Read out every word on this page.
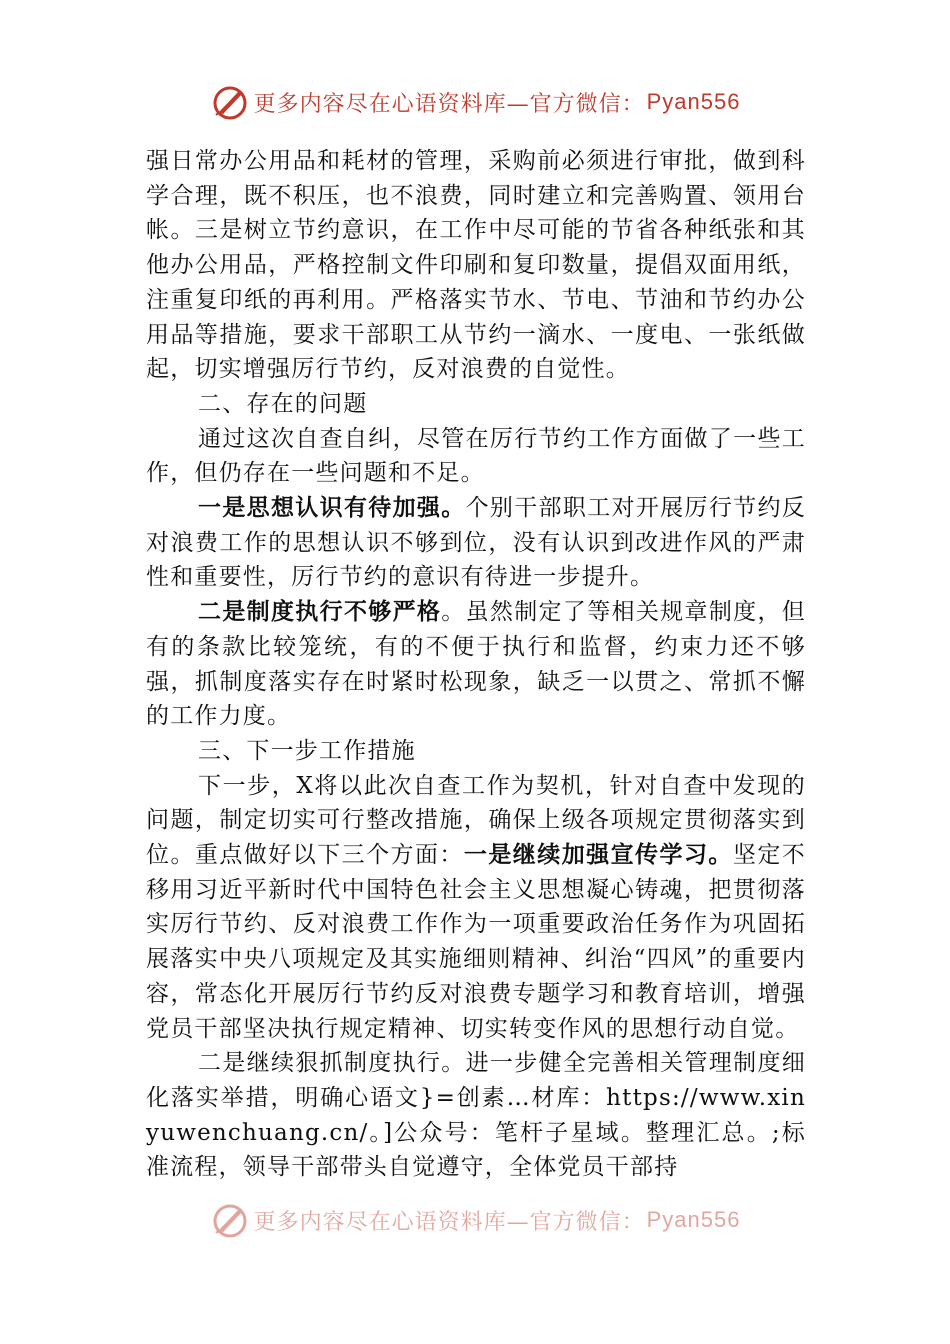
更多内容尽在心语资料库—官方微信： Pyan556

强日常办公用品和耗材的管理，采购前必须进行审批，做到科学合理，既不积压，也不浪费，同时建立和完善购置、领用台帐。三是树立节约意识，在工作中尽可能的节省各种纸张和其他办公用品，严格控制文件印刷和复印数量，提倡双面用纸，注重复印纸的再利用。严格落实节水、节电、节油和节约办公用品等措施，要求干部职工从节约一滴水、一度电、一张纸做起，切实增强厉行节约，反对浪费的自觉性。

二、存在的问题

通过这次自查自纠，尽管在厉行节约工作方面做了一些工作，但仍存在一些问题和不足。

一是思想认识有待加强。个别干部职工对开展厉行节约反对浪费工作的思想认识不够到位，没有认识到改进作风的严肃性和重要性，厉行节约的意识有待进一步提升。

二是制度执行不够严格。虽然制定了等相关规章制度，但有的条款比较笼统，有的不便于执行和监督，约束力还不够强，抓制度落实存在时紧时松现象，缺乏一以贯之、常抓不懈的工作力度。

三、下一步工作措施

下一步，X将以此次自查工作为契机，针对自查中发现的问题，制定切实可行整改措施，确保上级各项规定贯彻落实到位。重点做好以下三个方面：一是继续加强宣传学习。坚定不移用习近平新时代中国特色社会主义思想凝心铸魂，把贯彻落实厉行节约、反对浪费工作作为一项重要政治任务作为巩固拓展落实中央八项规定及其实施细则精神、纠治“四风”的重要内容，常态化开展厉行节约反对浪费专题学习和教育培训，增强党员干部坚决执行规定精神、切实转变作风的思想行动自觉。

二是继续狠抓制度执行。进一步健全完善相关管理制度细化落实举措，明确心语文}=创素…材库：https://www.xinyuwenchuang.cn/。]公众号：笔杆子星域。整理汇总。;标准流程，领导干部带头自觉遵守，全体党员干部持

更多内容尽在心语资料库—官方微信： Pyan556
